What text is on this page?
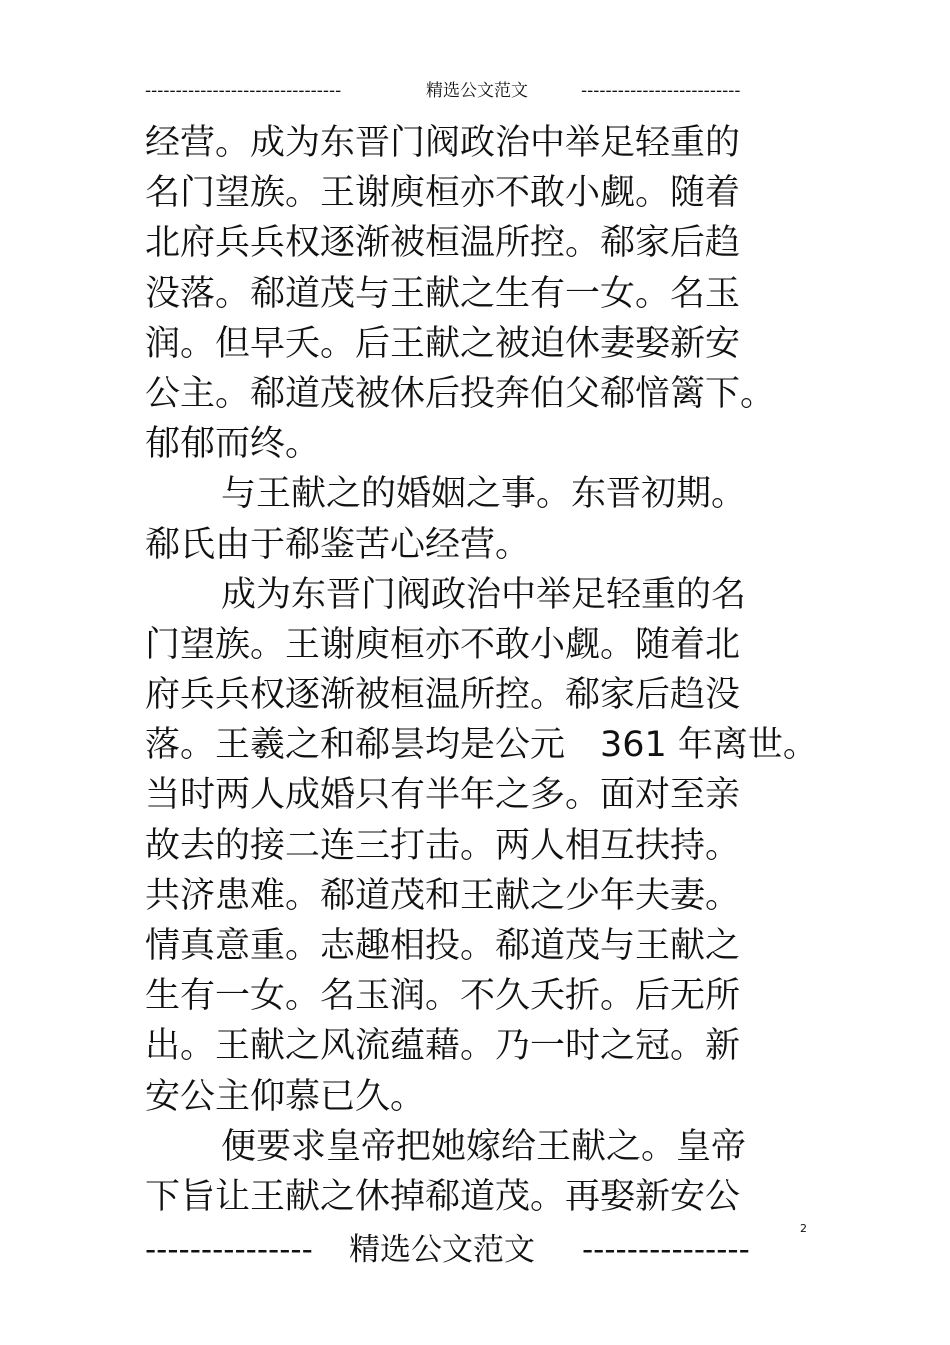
--------------------------------	精选公文范文	--------------------------
经营。成为东晋门阀政治中举足轻重的
名门望族。王谢庾桓亦不敢小觑。随着
北府兵兵权逐渐被桓温所控。郗家后趋
没落。郗道茂与王献之生有一女。名玉
润。但早夭。后王献之被迫休妻娶新安
公主。郗道茂被休后投奔伯父郗愔篱下。
郁郁而终。
与王献之的婚姻之事。东晋初期。
郗氏由于郗鉴苦心经营。
成为东晋门阀政治中举足轻重的名
门望族。王谢庾桓亦不敢小觑。随着北
府兵兵权逐渐被桓温所控。郗家后趋没
落。王羲之和郗昙均是公元　361 年离世。
当时两人成婚只有半年之多。面对至亲
故去的接二连三打击。两人相互扶持。
共济患难。郗道茂和王献之少年夫妻。
情真意重。志趣相投。郗道茂与王献之
生有一女。名玉润。不久夭折。后无所
出。王献之风流蕴藉。乃一时之冠。新
安公主仰慕已久。
便要求皇帝把她嫁给王献之。皇帝
下旨让王献之休掉郗道茂。再娶新安公
2
--------------- 精选公文范文 ---------------
